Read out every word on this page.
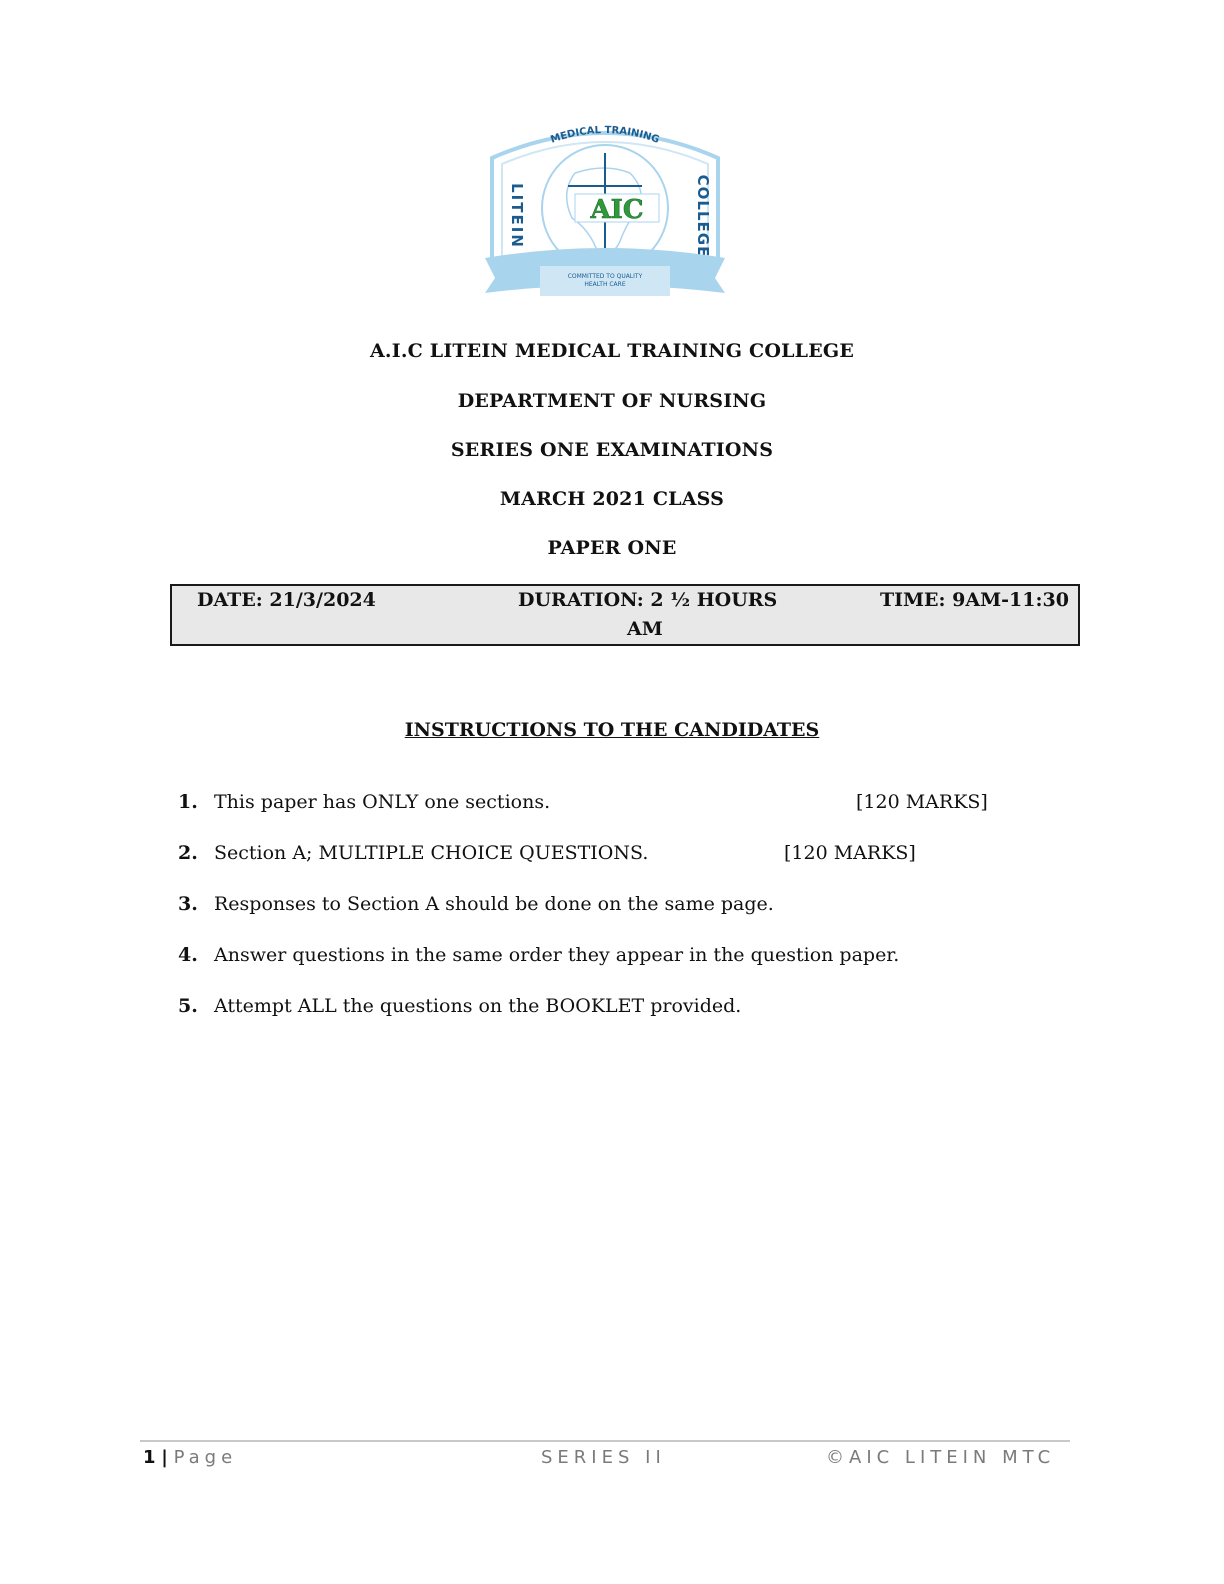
MEDICAL TRAINING
LITEIN	COLLEGE
AIC
COMMITTED TO QUALITY
HEALTH CARE
A.I.C LITEIN MEDICAL TRAINING COLLEGE
DEPARTMENT OF NURSING
SERIES ONE EXAMINATIONS
MARCH 2021 CLASS
PAPER ONE
DATE: 21/3/2024	DURATION: 2 ½ HOURS	TIME: 9AM-11:30
AM
INSTRUCTIONS TO THE CANDIDATES
1. This paper has ONLY one sections.	[120 MARKS]
2. Section A; MULTIPLE CHOICE QUESTIONS.	[120 MARKS]
3. Responses to Section A should be done on the same page.
4. Answer questions in the same order they appear in the question paper.
5. Attempt ALL the questions on the BOOKLET provided.
1 | Page	SERIES II	©AIC LITEIN MTC
